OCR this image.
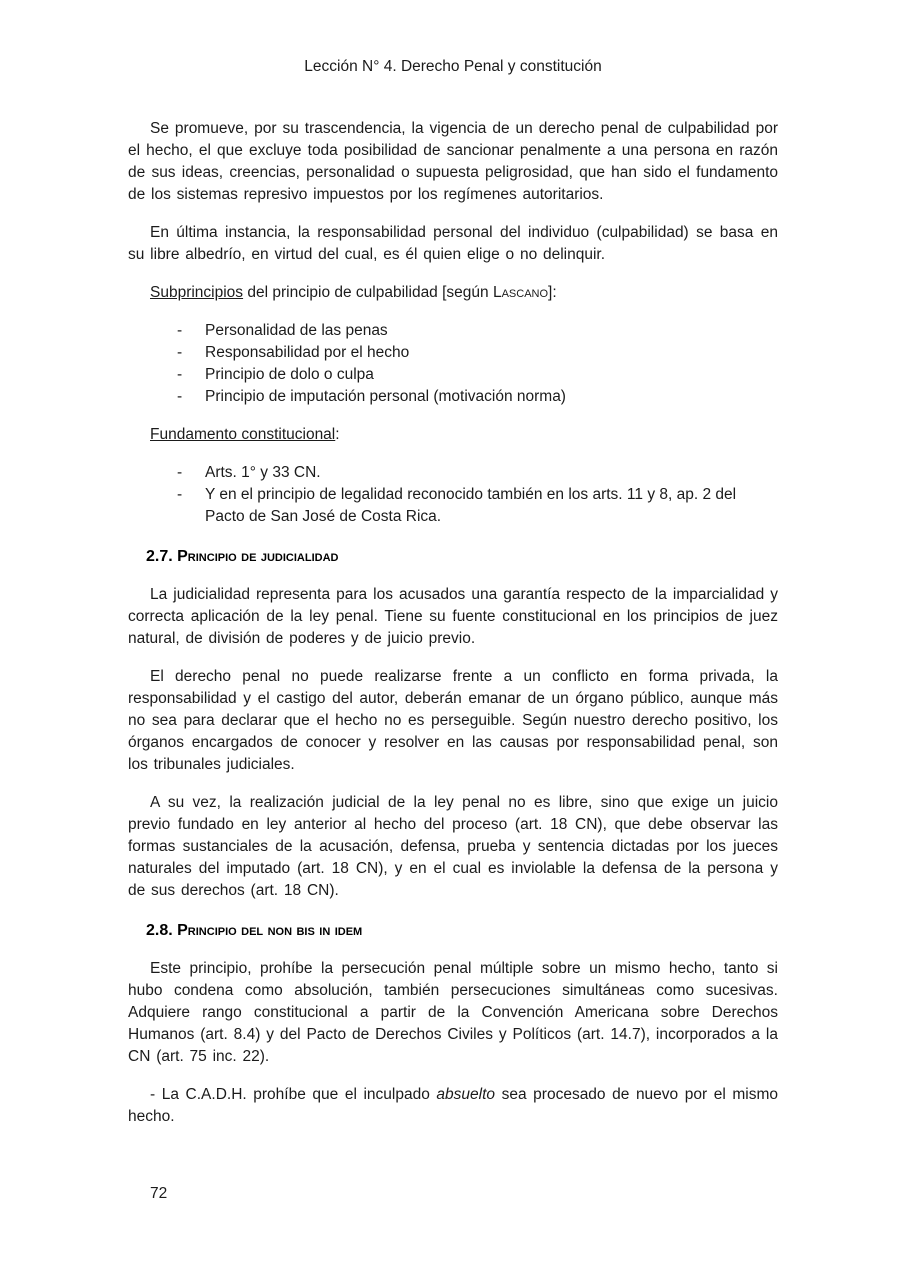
Lección N° 4. Derecho Penal y constitución

Se promueve, por su trascendencia, la vigencia de un derecho penal de culpabilidad por el hecho, el que excluye toda posibilidad de sancionar penalmente a una persona en razón de sus ideas, creencias, personalidad o supuesta peligrosidad, que han sido el fundamento de los sistemas represivo impuestos por los regímenes autoritarios.

En última instancia, la responsabilidad personal del individuo (culpabilidad) se basa en su libre albedrío, en virtud del cual, es él quien elige o no delinquir.

Subprincipios del principio de culpabilidad [según Lascano]:

-	Personalidad de las penas
-	Responsabilidad por el hecho
-	Principio de dolo o culpa
-	Principio de imputación personal (motivación norma)

Fundamento constitucional:

-	Arts. 1° y 33 CN.
-	Y en el principio de legalidad reconocido también en los arts. 11 y 8, ap. 2 del Pacto de San José de Costa Rica.
2.7. Principio de judicialidad

La judicialidad representa para los acusados una garantía respecto de la imparcialidad y correcta aplicación de la ley penal. Tiene su fuente constitucional en los principios de juez natural, de división de poderes y de juicio previo.

El derecho penal no puede realizarse frente a un conflicto en forma privada, la responsabilidad y el castigo del autor, deberán emanar de un órgano público, aunque más no sea para declarar que el hecho no es perseguible. Según nuestro derecho positivo, los órganos encargados de conocer y resolver en las causas por responsabilidad penal, son los tribunales judiciales.

A su vez, la realización judicial de la ley penal no es libre, sino que exige un juicio previo fundado en ley anterior al hecho del proceso (art. 18 CN), que debe observar las formas sustanciales de la acusación, defensa, prueba y sentencia dictadas por los jueces naturales del imputado (art. 18 CN), y en el cual es inviolable la defensa de la persona y de sus derechos (art. 18 CN).

2.8. Principio del non bis in idem

Este principio, prohíbe la persecución penal múltiple sobre un mismo hecho, tanto si hubo condena como absolución, también persecuciones simultáneas como sucesivas. Adquiere rango constitucional a partir de la Convención Americana sobre Derechos Humanos (art. 8.4) y del Pacto de Derechos Civiles y Políticos (art. 14.7), incorporados a la CN (art. 75 inc. 22).

- La C.A.D.H. prohíbe que el inculpado absuelto sea procesado de nuevo por el mismo hecho.

72
